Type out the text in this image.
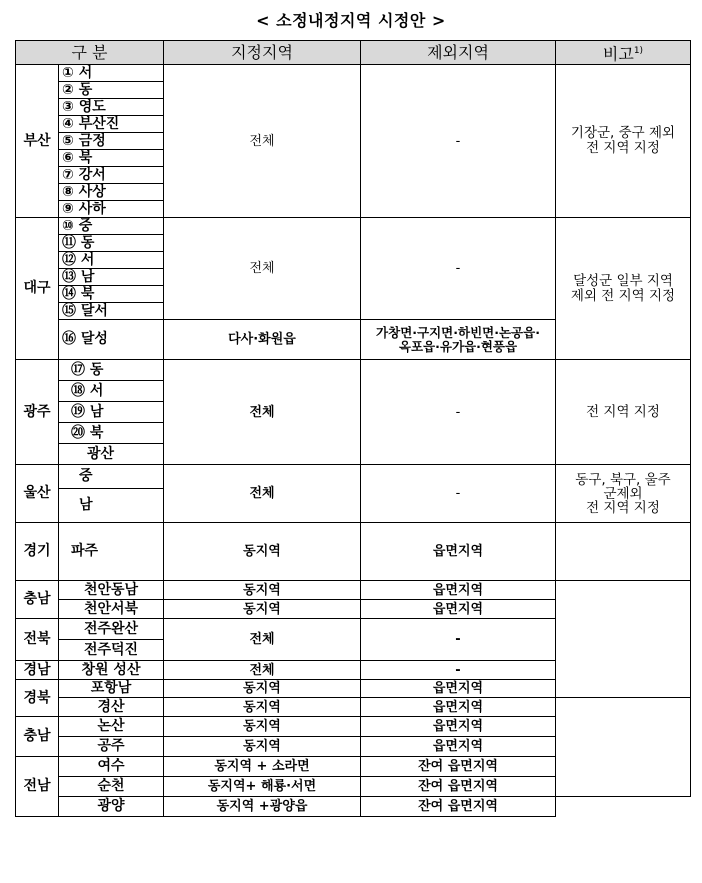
< 소정내정지역 시정안 >
구 분		지정지역	제외지역	비고$^{1)}$
부산	① 서	전체	-	기장군, 중구 제외
전 지역 지정
	② 동			
	③ 영도			
	④ 부산진			
	⑤ 금정			
	⑥ 북			
	⑦ 강서			
	⑧ 사상			
	⑨ 사하			
대구	⑩ 중	전체	-	달성군 일부 지역
제외 전 지역 지정
	⑪ 동			
	⑫ 서			
	⑬ 남			
	⑭ 북			
	⑮ 달서			
	⑯ 달성	다사·화원읍	가창면·구지면·하빈면·논공읍·
옥포읍·유가읍·현풍읍	
광주	⑰ 동	전체	-	전 지역 지정
	⑱ 서			
	⑲ 남			
	⑳ 북			
	광산			
울산	중	전체	-	동구, 북구, 울주
군제외
전 지역 지정
	남			
경기	파주	동지역	읍면지역	
충남	천안동남	동지역	읍면지역	
	천안서북	동지역	읍면지역	
전북	전주완산	전체	-	
	전주덕진			
경남	창원 성산	전체	-	
경북	포항남	동지역	읍면지역	
	경산	동지역	읍면지역	
충남	논산	동지역	읍면지역	
	공주	동지역	읍면지역	
전남	여수	동지역 + 소라면	잔여 읍면지역	
	순천	동지역+ 해룡·서면	잔여 읍면지역	
	광양	동지역 +광양읍	잔여 읍면지역	
